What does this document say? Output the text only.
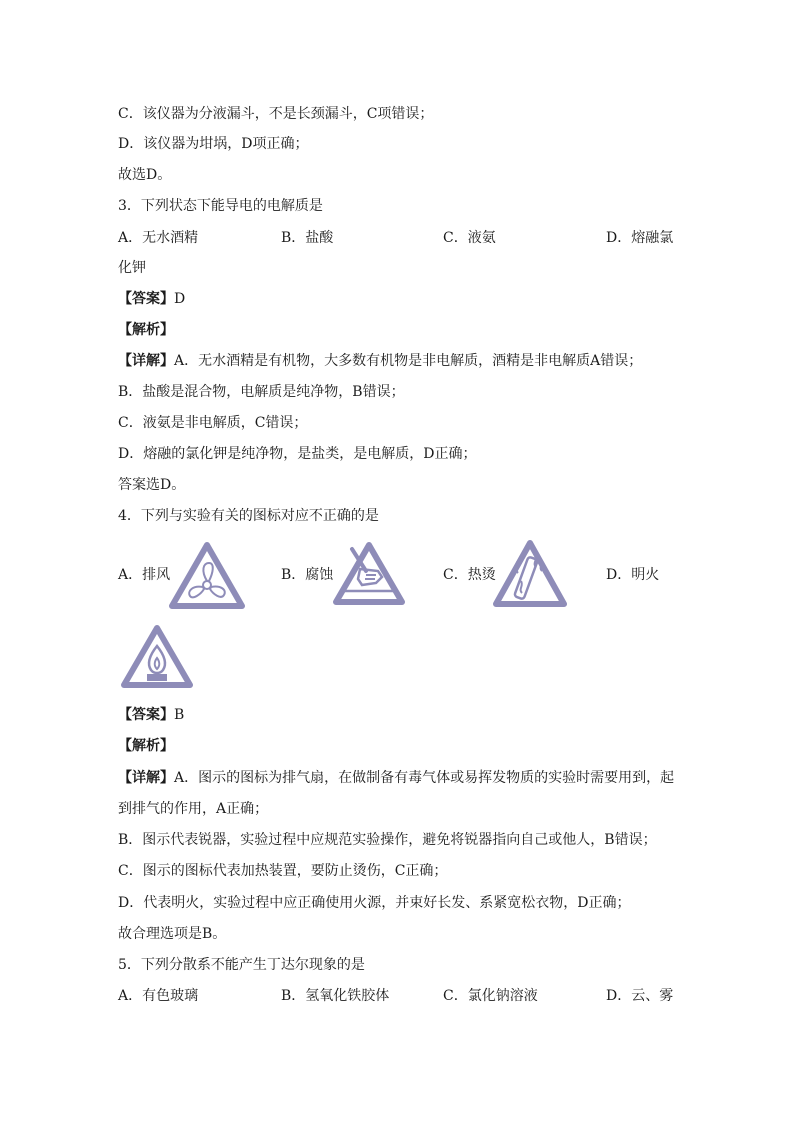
C．该仪器为分液漏斗，不是长颈漏斗，C项错误；
D．该仪器为坩埚，D项正确；
故选D。
3．下列状态下能导电的电解质是
A．无水酒精	B．盐酸	C．液氨	D．熔融氯
化钾
【答案】D
【解析】
【详解】A．无水酒精是有机物，大多数有机物是非电解质，酒精是非电解质A错误；
B．盐酸是混合物，电解质是纯净物，B错误；
C．液氨是非电解质，C错误；
D．熔融的氯化钾是纯净物，是盐类，是电解质，D正确；
答案选D。
4．下列与实验有关的图标对应不正确的是
A．排风	B．腐蚀	C．热烫	D．明火
【答案】B
【解析】
【详解】A．图示的图标为排气扇，在做制备有毒气体或易挥发物质的实验时需要用到，起
到排气的作用，A正确；
B．图示代表锐器，实验过程中应规范实验操作，避免将锐器指向自己或他人，B错误；
C．图示的图标代表加热装置，要防止烫伤，C正确；
D．代表明火，实验过程中应正确使用火源，并束好长发、系紧宽松衣物，D正确；
故合理选项是B。
5．下列分散系不能产生丁达尔现象的是
A．有色玻璃	B．氢氧化铁胶体	C．氯化钠溶液	D．云、雾
